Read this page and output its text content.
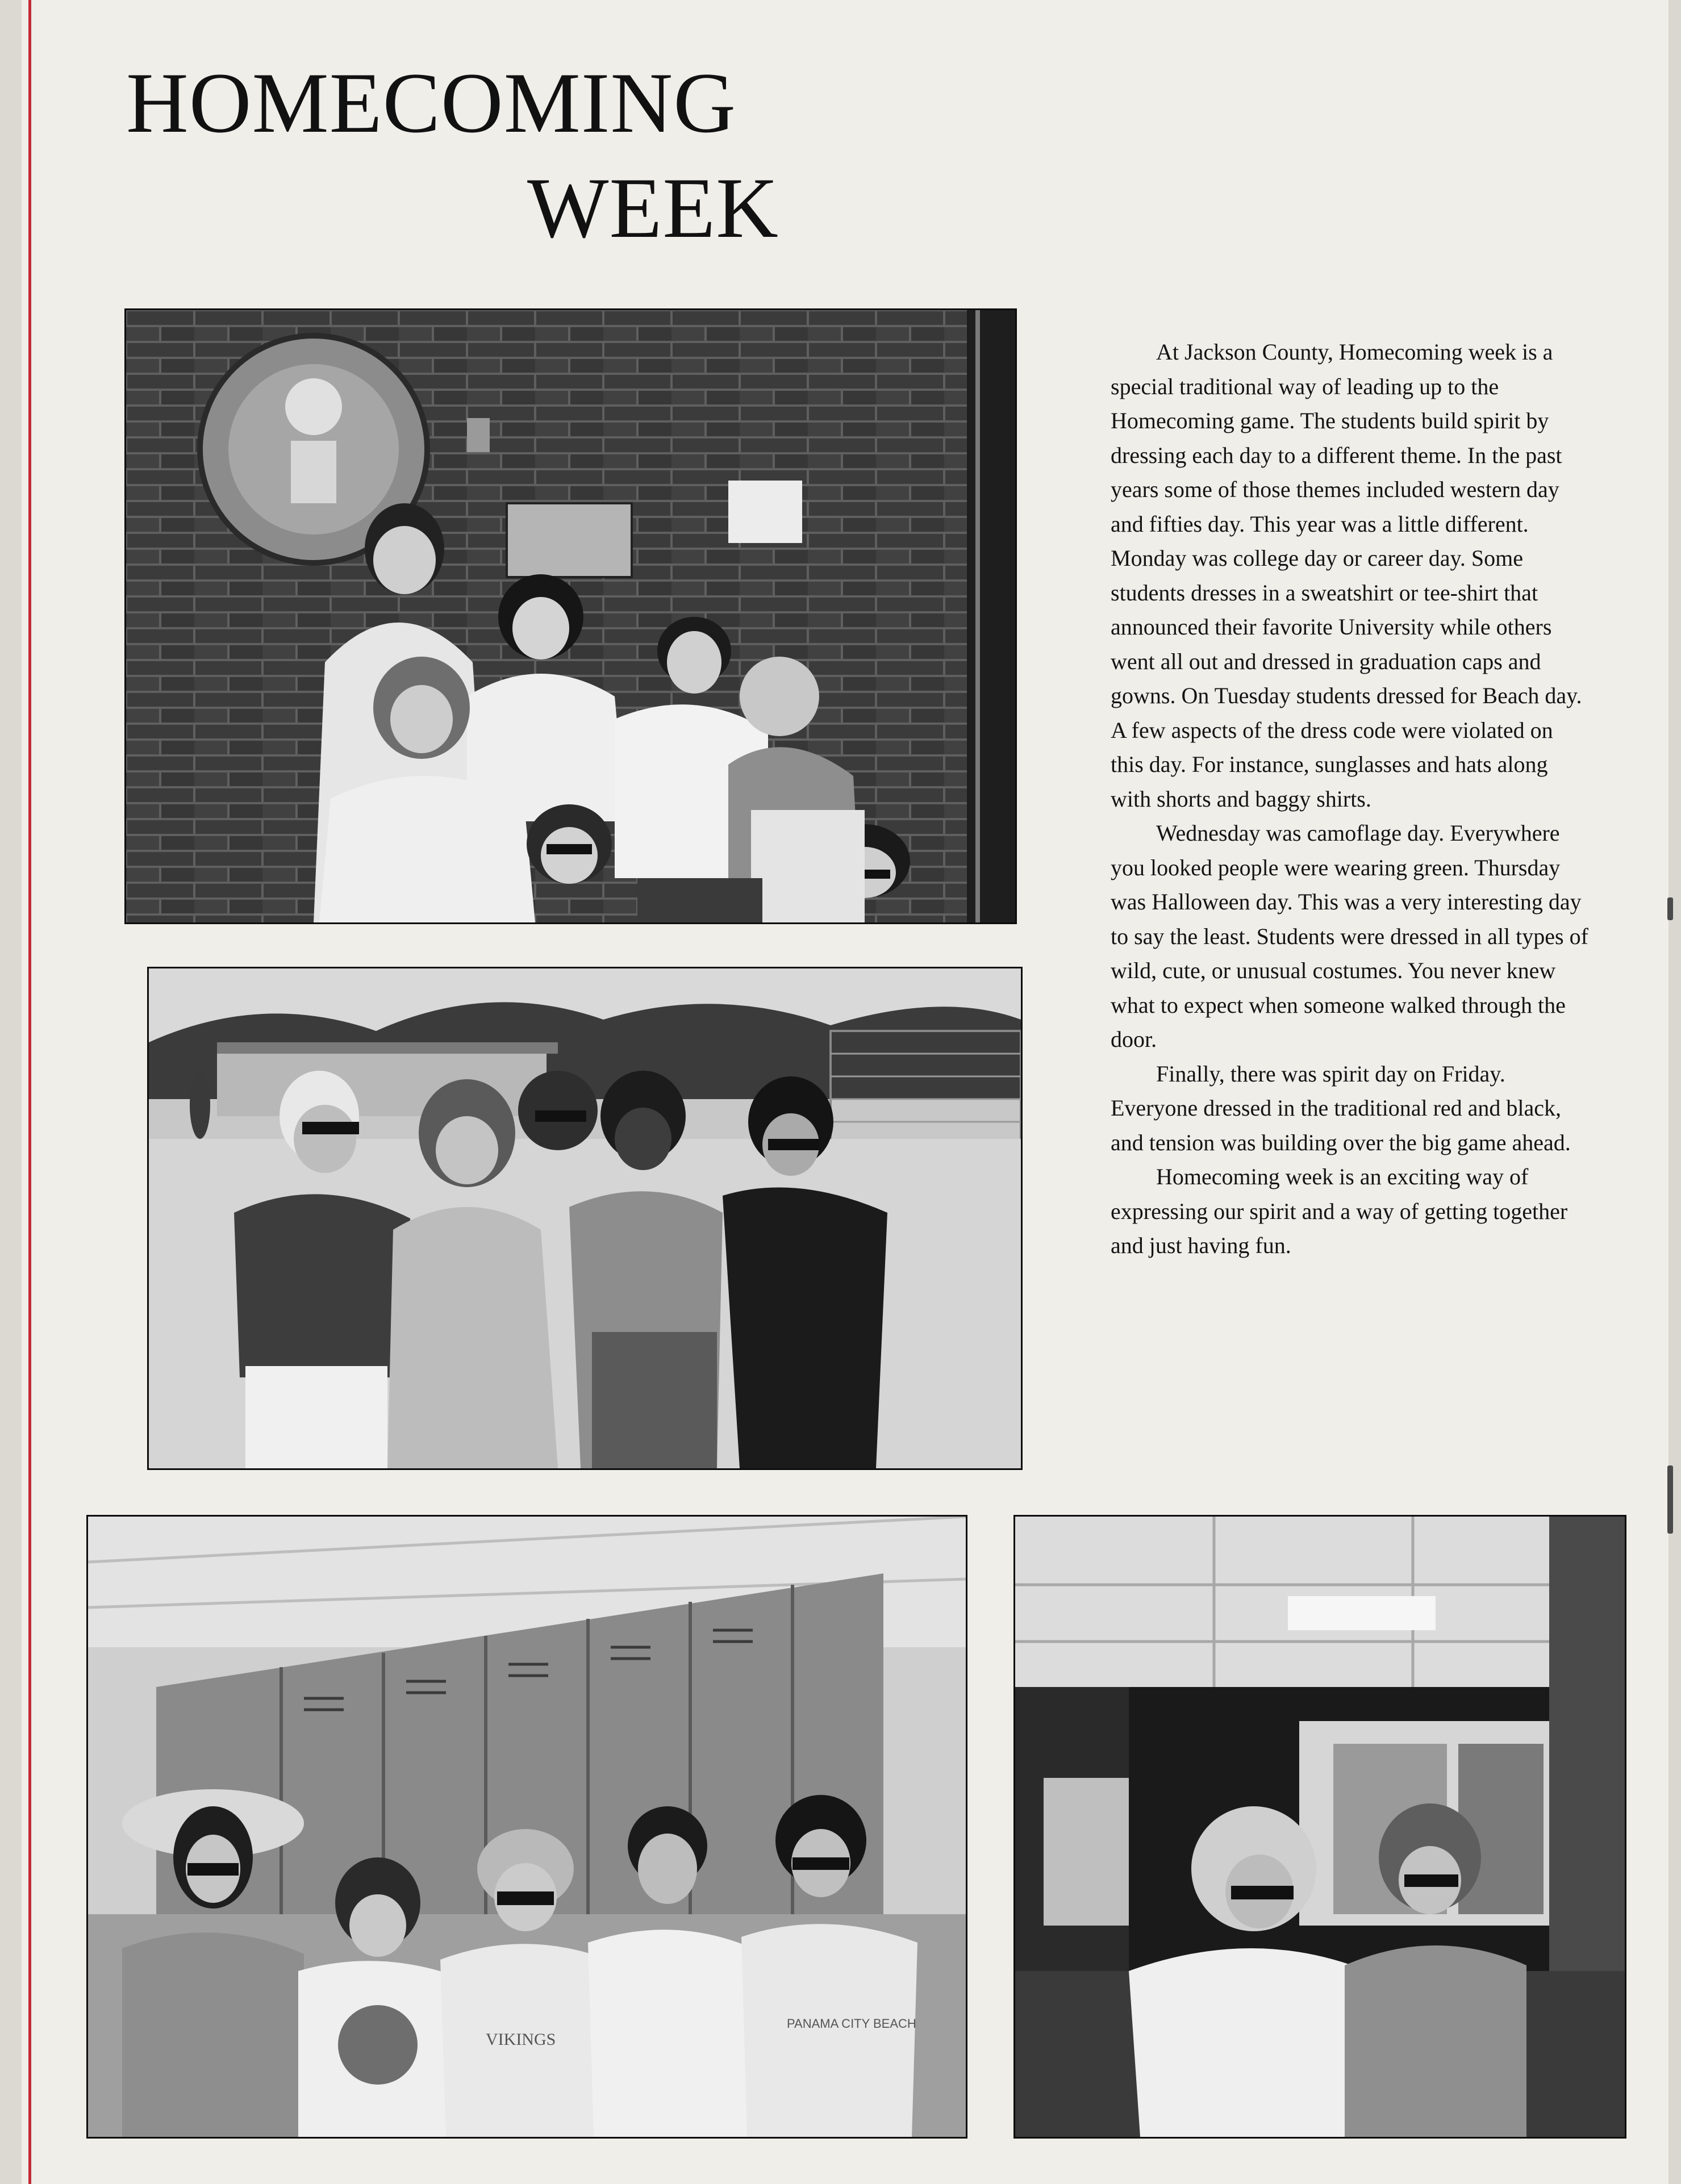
HOMECOMING
WEEK
VIKINGS
PANAMA CITY BEACH

At Jackson County, Homecoming week is a special traditional way of leading up to the Homecoming game. The students build spirit by dressing each day to a different theme. In the past years some of those themes included western day and fifties day. This year was a little different. Monday was college day or career day. Some students dresses in a sweatshirt or tee-shirt that announced their favorite University while others went all out and dressed in graduation caps and gowns. On Tuesday students dressed for Beach day. A few aspects of the dress code were violated on this day. For instance, sunglasses and hats along with shorts and baggy shirts.

Wednesday was camoflage day. Everywhere you looked people were wearing green. Thursday was Halloween day. This was a very interesting day to say the least. Students were dressed in all types of wild, cute, or unusual costumes. You never knew what to expect when someone walked through the door.

Finally, there was spirit day on Friday. Everyone dressed in the traditional red and black, and tension was building over the big game ahead.

Homecoming week is an exciting way of expressing our spirit and a way of getting together and just having fun.
